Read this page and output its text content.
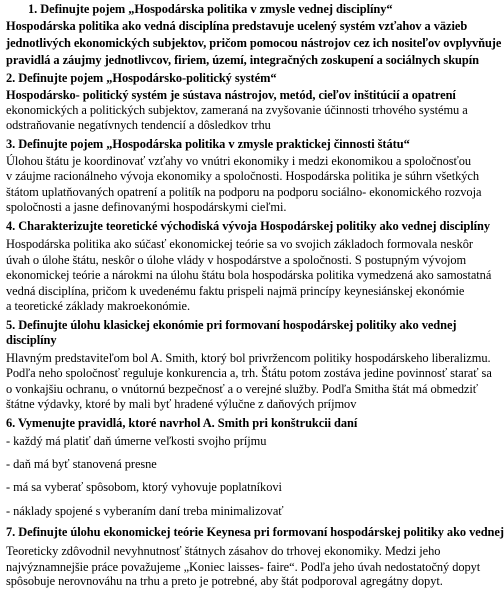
1. Definujte pojem „Hospodárska politika v zmysle vednej disciplíny“
Hospodárska politika ako vedná disciplína predstavuje ucelený systém vzťahov a väzieb
jednotlivých ekonomických subjektov, pričom pomocou nástrojov cez ich nositeľov ovplyvňuje
pravidlá a záujmy jednotlivcov, firiem, území, integračných zoskupení a sociálnych skupín
2. Definujte pojem „Hospodársko-politický systém“
Hospodársko- politický systém je sústava nástrojov, metód, cieľov inštitúcií a opatrení
ekonomických a politických subjektov, zameraná na zvyšovanie účinnosti trhového systému a
odstraňovanie negatívnych tendencií a dôsledkov trhu
3. Definujte pojem „Hospodárska politika v zmysle praktickej činnosti štátu“
Úlohou štátu je koordinovať vzťahy vo vnútri ekonomiky i medzi ekonomikou a spoločnosťou
v záujme racionálneho vývoja ekonomiky a spoločnosti. Hospodárska politika je súhrn všetkých
štátom uplatňovaných opatrení a politík na podporu na podporu sociálno- ekonomického rozvoja
spoločnosti a jasne definovanými hospodárskymi cieľmi.
4. Charakterizujte teoretické východiská vývoja Hospodárskej politiky ako vednej disciplíny
Hospodárska politika ako súčasť ekonomickej teórie sa vo svojich základoch formovala neskôr
úvah o úlohe štátu, neskôr o úlohe vlády v hospodárstve a spoločnosti. S postupným vývojom
ekonomickej teórie a nárokmi na úlohu štátu bola hospodárska politika vymedzená ako samostatná
vedná disciplína, pričom k uvedenému faktu prispeli najmä princípy keynesiánskej ekonómie
a teoretické základy makroekonómie.
5. Definujte úlohu klasickej ekonómie pri formovaní hospodárskej politiky ako vednej
disciplíny
Hlavným predstaviteľom bol A. Smith, ktorý bol privržencom politiky hospodárskeho liberalizmu.
Podľa neho spoločnosť reguluje konkurencia a, trh. Štátu potom zostáva jedine povinnosť starať sa
o vonkajšiu ochranu, o vnútornú bezpečnosť a o verejné služby. Podľa Smitha štát má obmedziť
štátne výdavky, ktoré by mali byť hradené výlučne z daňových príjmov
6. Vymenujte pravidlá, ktoré navrhol A. Smith pri konštrukcii daní
- každý má platiť daň úmerne veľkosti svojho príjmu
- daň má byť stanovená presne
- má sa vyberať spôsobom, ktorý vyhovuje poplatníkovi
- náklady spojené s vyberaním daní treba minimalizovať
7. Definujte úlohu ekonomickej teórie Keynesa pri formovaní hospodárskej politiky ako vednej
Teoreticky zdôvodnil nevyhnutnosť štátnych zásahov do trhovej ekonomiky. Medzi jeho
najvýznamnejšie práce považujeme „Koniec laisses- faire“. Podľa jeho úvah nedostatočný dopyt
spôsobuje nerovnováhu na trhu a preto je potrebné, aby štát podporoval agregátny dopyt.
